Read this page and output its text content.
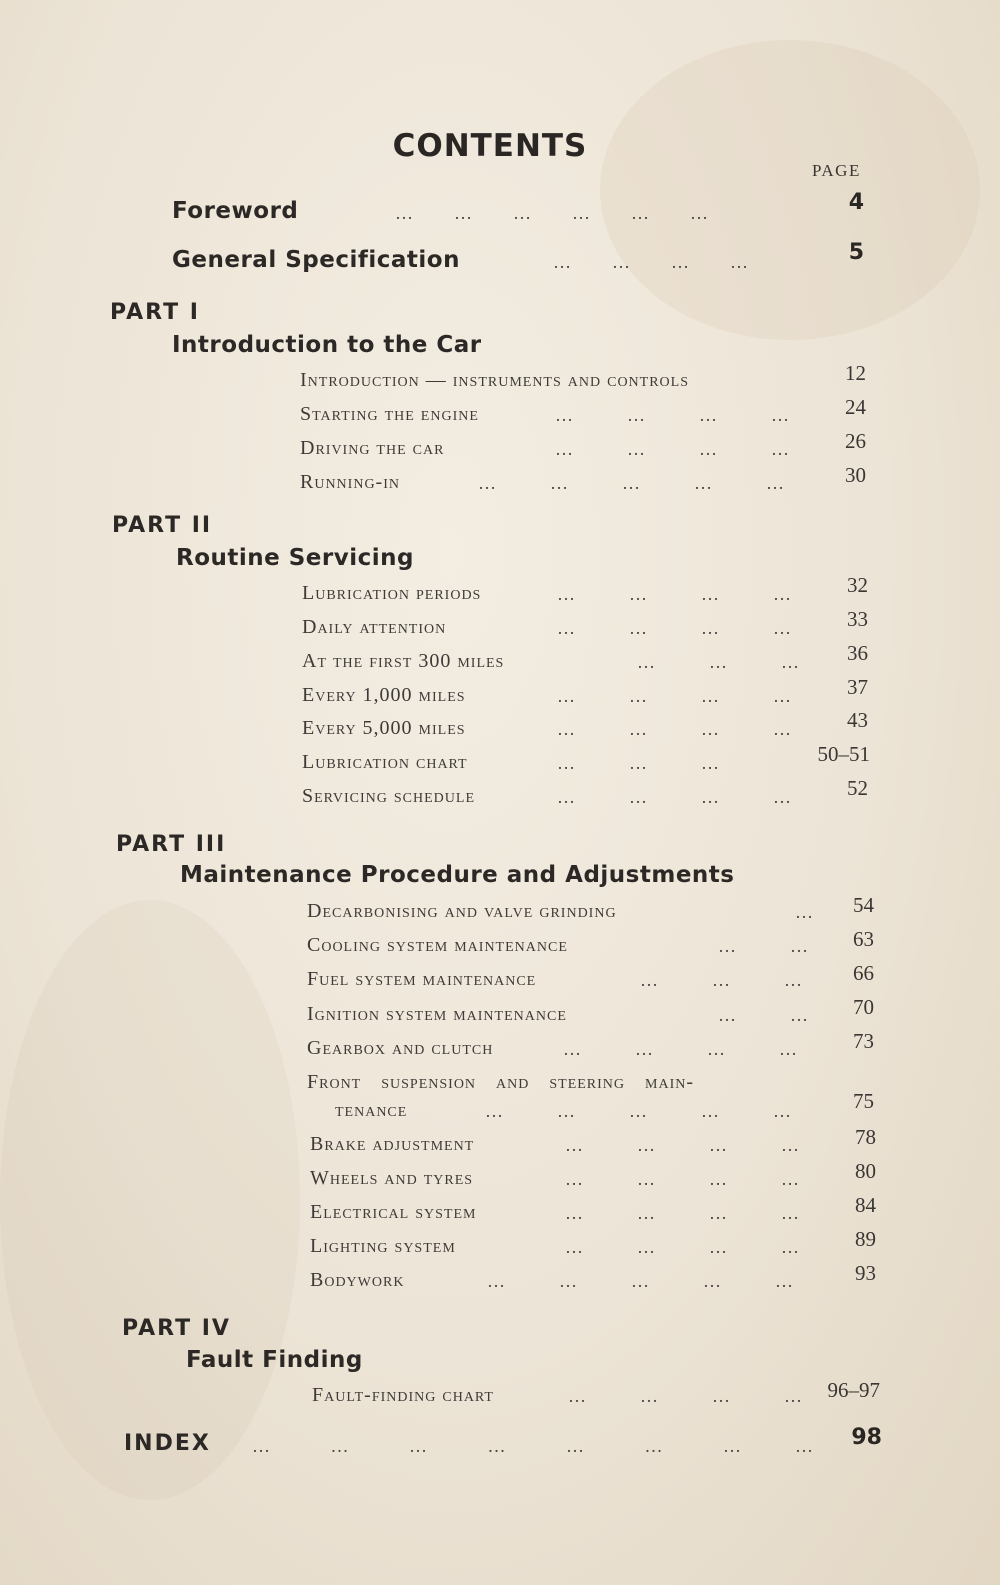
CONTENTS
PAGE
Foreword	…      …      …      …      …      …	4
General Specification	…      …      …      …	5
PART I
Introduction to the Car
Introduction — instruments and controls	12
Starting the engine	…        …        …        …	24
Driving the car	…        …        …        …	26
Running-in	…        …        …        …        …	30
PART II
Routine Servicing
Lubrication periods	…        …        …        …	32
Daily attention	…        …        …        …	33
At the first 300 miles	…        …        …	36
Every 1,000 miles	…        …        …        …	37
Every 5,000 miles	…        …        …        …	43
Lubrication chart	…        …        …	50–51
Servicing schedule	…        …        …        …	52
PART III
Maintenance Procedure and Adjustments
Decarbonising and valve grinding	…	54
Cooling system maintenance	…        …	63
Fuel system maintenance	…        …        …	66
Ignition system maintenance	…        …	70
Gearbox and clutch	…        …        …        …	73
Front suspension and steering main-
tenance	…        …        …        …        …	75
Brake adjustment	…        …        …        …	78
Wheels and tyres	…        …        …        …	80
Electrical system	…        …        …        …	84
Lighting system	…        …        …        …	89
Bodywork	…        …        …        …        …	93
PART IV
Fault Finding
Fault-finding chart	…        …        …        …	96–97
INDEX …         …         …         …         …         …         …        …	98
